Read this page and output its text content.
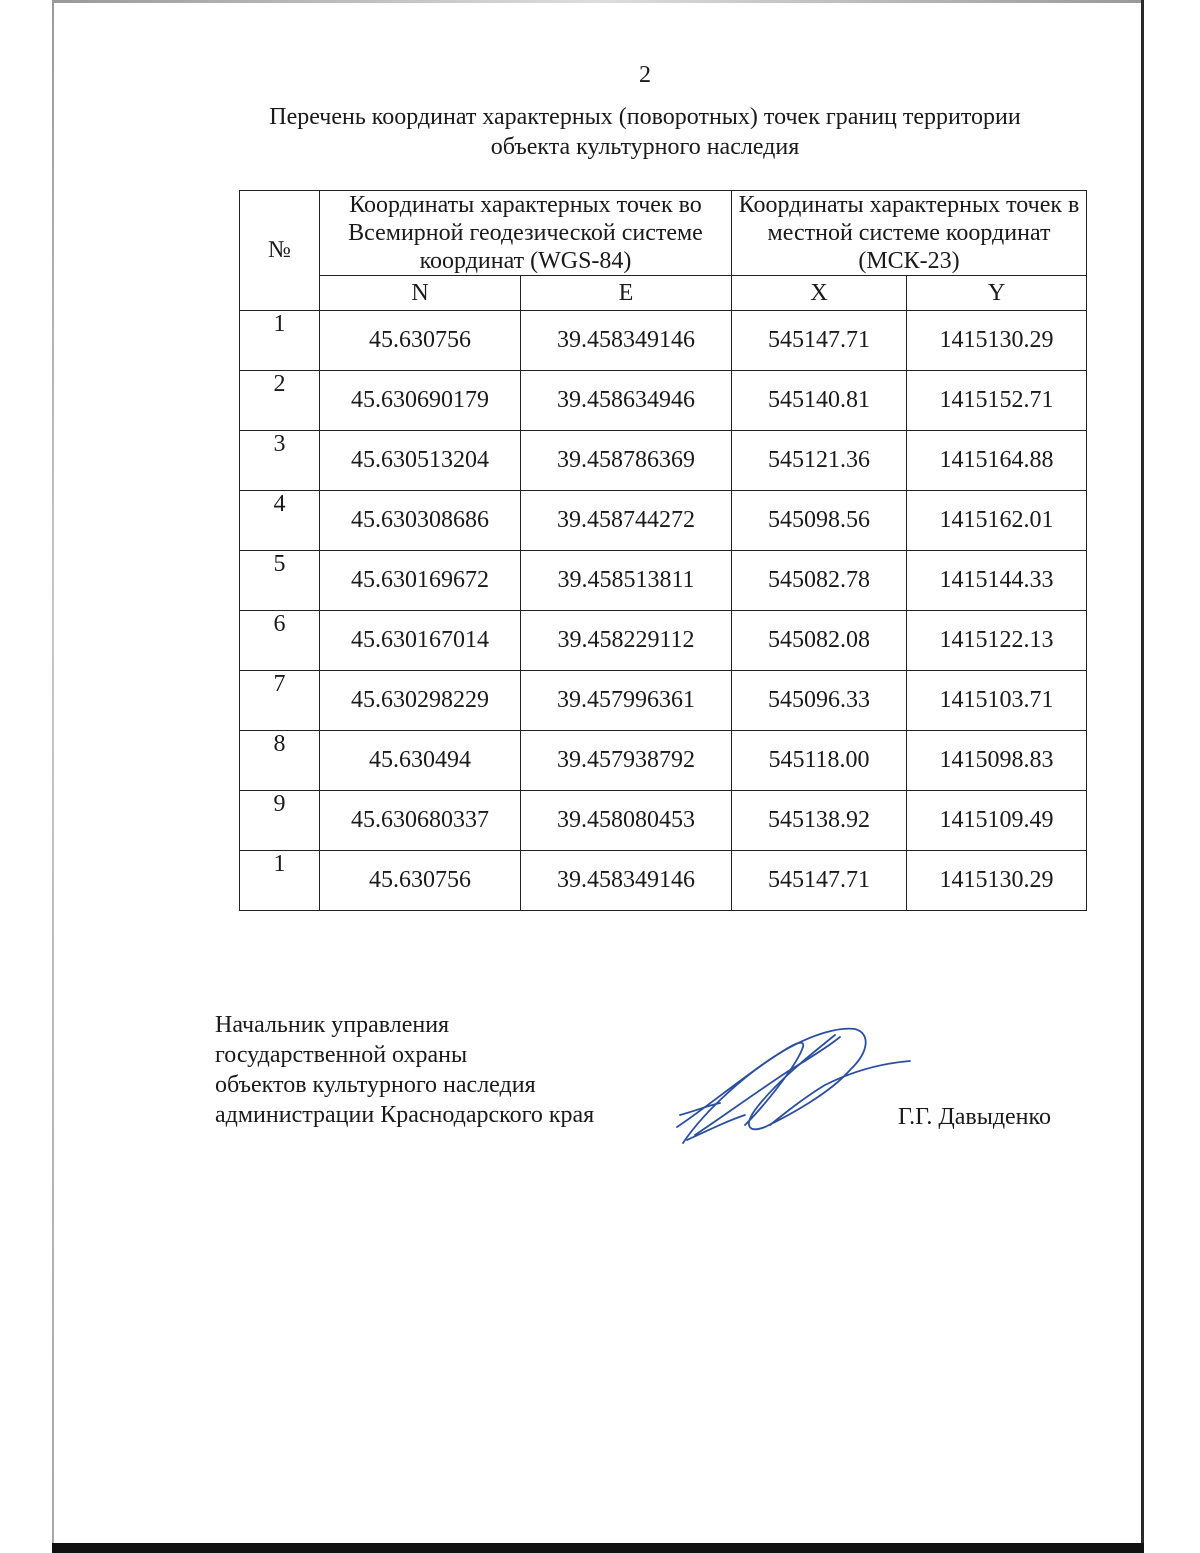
2
Перечень координат характерных (поворотных) точек границ территории
объекта культурного наследия
№	Координаты характерных точек во Всемирной геодезической системе координат (WGS-84)		Координаты характерных точек в местной системе координат (МСК-23)	
	N	E	X	Y
1	45.630756	39.458349146	545147.71	1415130.29
2	45.630690179	39.458634946	545140.81	1415152.71
3	45.630513204	39.458786369	545121.36	1415164.88
4	45.630308686	39.458744272	545098.56	1415162.01
5	45.630169672	39.458513811	545082.78	1415144.33
6	45.630167014	39.458229112	545082.08	1415122.13
7	45.630298229	39.457996361	545096.33	1415103.71
8	45.630494	39.457938792	545118.00	1415098.83
9	45.630680337	39.458080453	545138.92	1415109.49
1	45.630756	39.458349146	545147.71	1415130.29
Начальник управления
государственной охраны
объектов культурного наследия
администрации Краснодарского края	Г.Г. Давыденко
